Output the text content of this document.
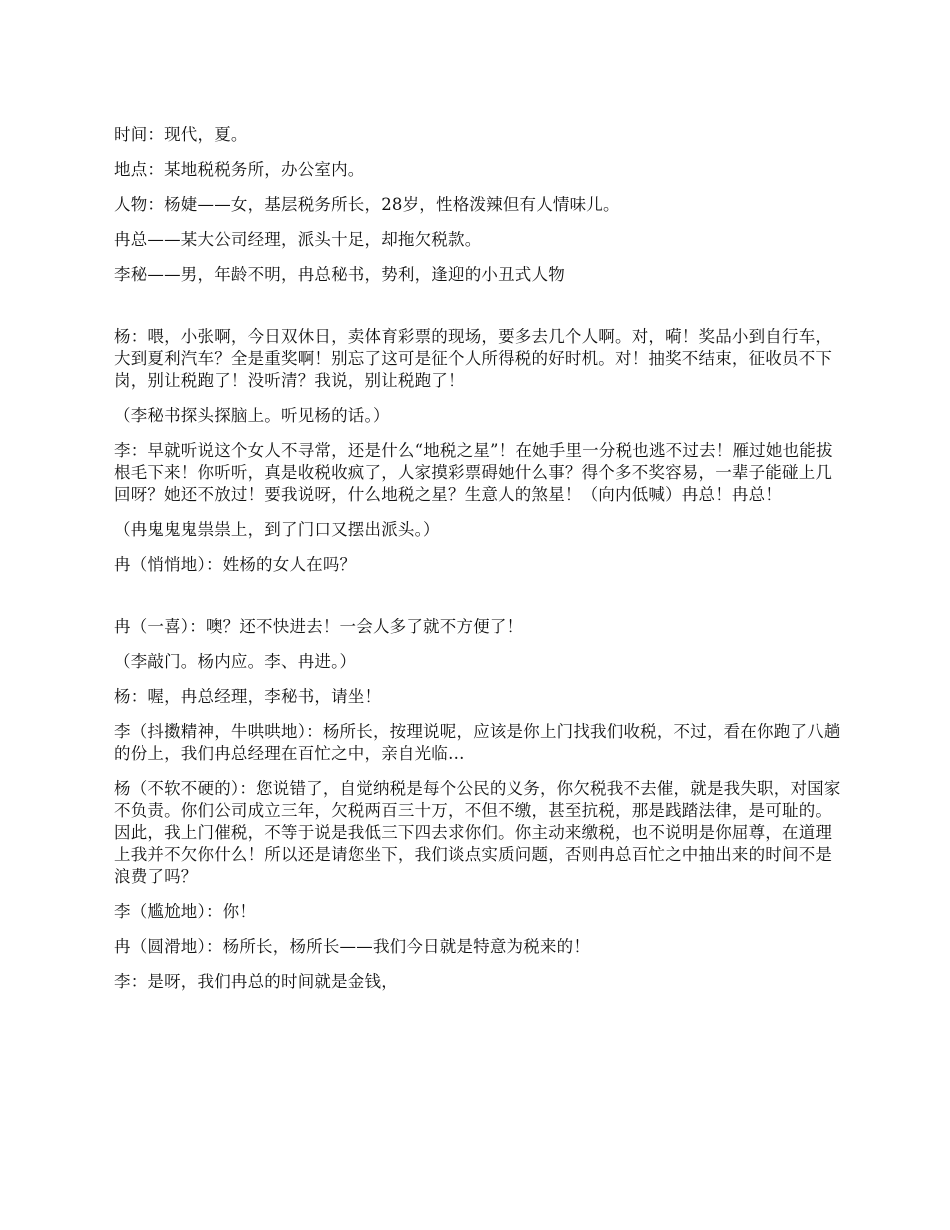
时间：现代，夏。

地点：某地税税务所，办公室内。

人物：杨婕——女，基层税务所长，28岁，性格泼辣但有人情味儿。

冉总——某大公司经理，派头十足，却拖欠税款。

李秘——男，年龄不明，冉总秘书，势利，逢迎的小丑式人物

杨：喂，小张啊，今日双休日，卖体育彩票的现场，要多去几个人啊。对，嗬！奖品小到自行车，大到夏利汽车？全是重奖啊！别忘了这可是征个人所得税的好时机。对！抽奖不结束，征收员不下岗，别让税跑了！没听清？我说，别让税跑了！

（李秘书探头探脑上。听见杨的话。）

李：早就听说这个女人不寻常，还是什么“地税之星”！在她手里一分税也逃不过去！雁过她也能拔根毛下来！你听听，真是收税收疯了，人家摸彩票碍她什么事？得个多不奖容易，一辈子能碰上几回呀？她还不放过！要我说呀，什么地税之星？生意人的煞星！（向内低喊）冉总！冉总！

（冉鬼鬼鬼祟祟上，到了门口又摆出派头。）

冉（悄悄地）：姓杨的女人在吗？

冉（一喜）：噢？还不快进去！一会人多了就不方便了！

（李敲门。杨内应。李、冉进。）

杨：喔，冉总经理，李秘书，请坐！

李（抖擞精神，牛哄哄地）：杨所长，按理说呢，应该是你上门找我们收税，不过，看在你跑了八趟的份上，我们冉总经理在百忙之中，亲自光临…

杨（不软不硬的）：您说错了，自觉纳税是每个公民的义务，你欠税我不去催，就是我失职，对国家不负责。你们公司成立三年，欠税两百三十万，不但不缴，甚至抗税，那是践踏法律，是可耻的。因此，我上门催税，不等于说是我低三下四去求你们。你主动来缴税，也不说明是你屈尊，在道理上我并不欠你什么！所以还是请您坐下，我们谈点实质问题，否则冉总百忙之中抽出来的时间不是浪费了吗？

李（尴尬地）：你！

冉（圆滑地）：杨所长，杨所长——我们今日就是特意为税来的！

李：是呀，我们冉总的时间就是金钱，
